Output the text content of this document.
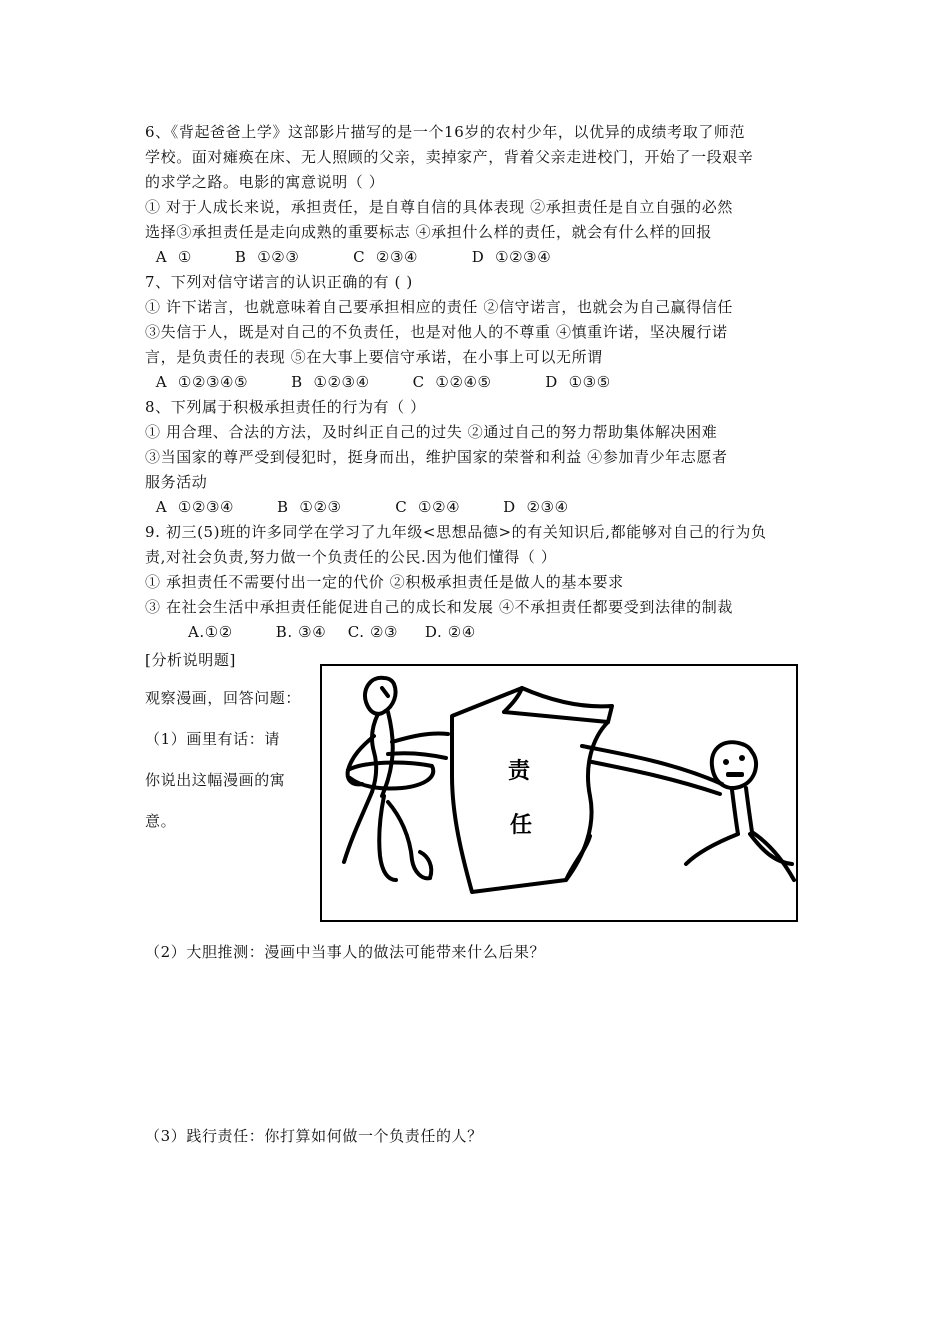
6、《背起爸爸上学》这部影片描写的是一个16岁的农村少年，以优异的成绩考取了师范
学校。面对瘫痪在床、无人照顾的父亲，卖掉家产，背着父亲走进校门，开始了一段艰辛
的求学之路。电影的寓意说明（ ）
① 对于人成长来说，承担责任，是自尊自信的具体表现 ②承担责任是自立自强的必然
选择③承担责任是走向成熟的重要标志 ④承担什么样的责任，就会有什么样的回报
A  ①        B  ①②③          C  ②③④          D  ①②③④
7、下列对信守诺言的认识正确的有 ( )
① 许下诺言，也就意味着自己要承担相应的责任 ②信守诺言，也就会为自己赢得信任
③失信于人，既是对自己的不负责任，也是对他人的不尊重 ④慎重许诺，坚决履行诺
言，是负责任的表现 ⑤在大事上要信守承诺，在小事上可以无所谓
A  ①②③④⑤        B  ①②③④        C  ①②④⑤          D  ①③⑤
8、下列属于积极承担责任的行为有（ ）
① 用合理、合法的方法，及时纠正自己的过失 ②通过自己的努力帮助集体解决困难
③当国家的尊严受到侵犯时，挺身而出，维护国家的荣誉和利益 ④参加青少年志愿者
服务活动
A  ①②③④        B  ①②③          C  ①②④        D  ②③④
9. 初三(5)班的许多同学在学习了九年级<思想品德>的有关知识后,都能够对自己的行为负
责,对社会负责,努力做一个负责任的公民.因为他们懂得（ ）
① 承担责任不需要付出一定的代价 ②积极承担责任是做人的基本要求
③ 在社会生活中承担责任能促进自己的成长和发展 ④不承担责任都要受到法律的制裁
A.①②        B. ③④    C. ②③     D. ②④
[分析说明题]
观察漫画，回答问题：
（1）画里有话：请
你说出这幅漫画的寓
意。
责
任
（2）大胆推测：漫画中当事人的做法可能带来什么后果？
（3）践行责任：你打算如何做一个负责任的人？
